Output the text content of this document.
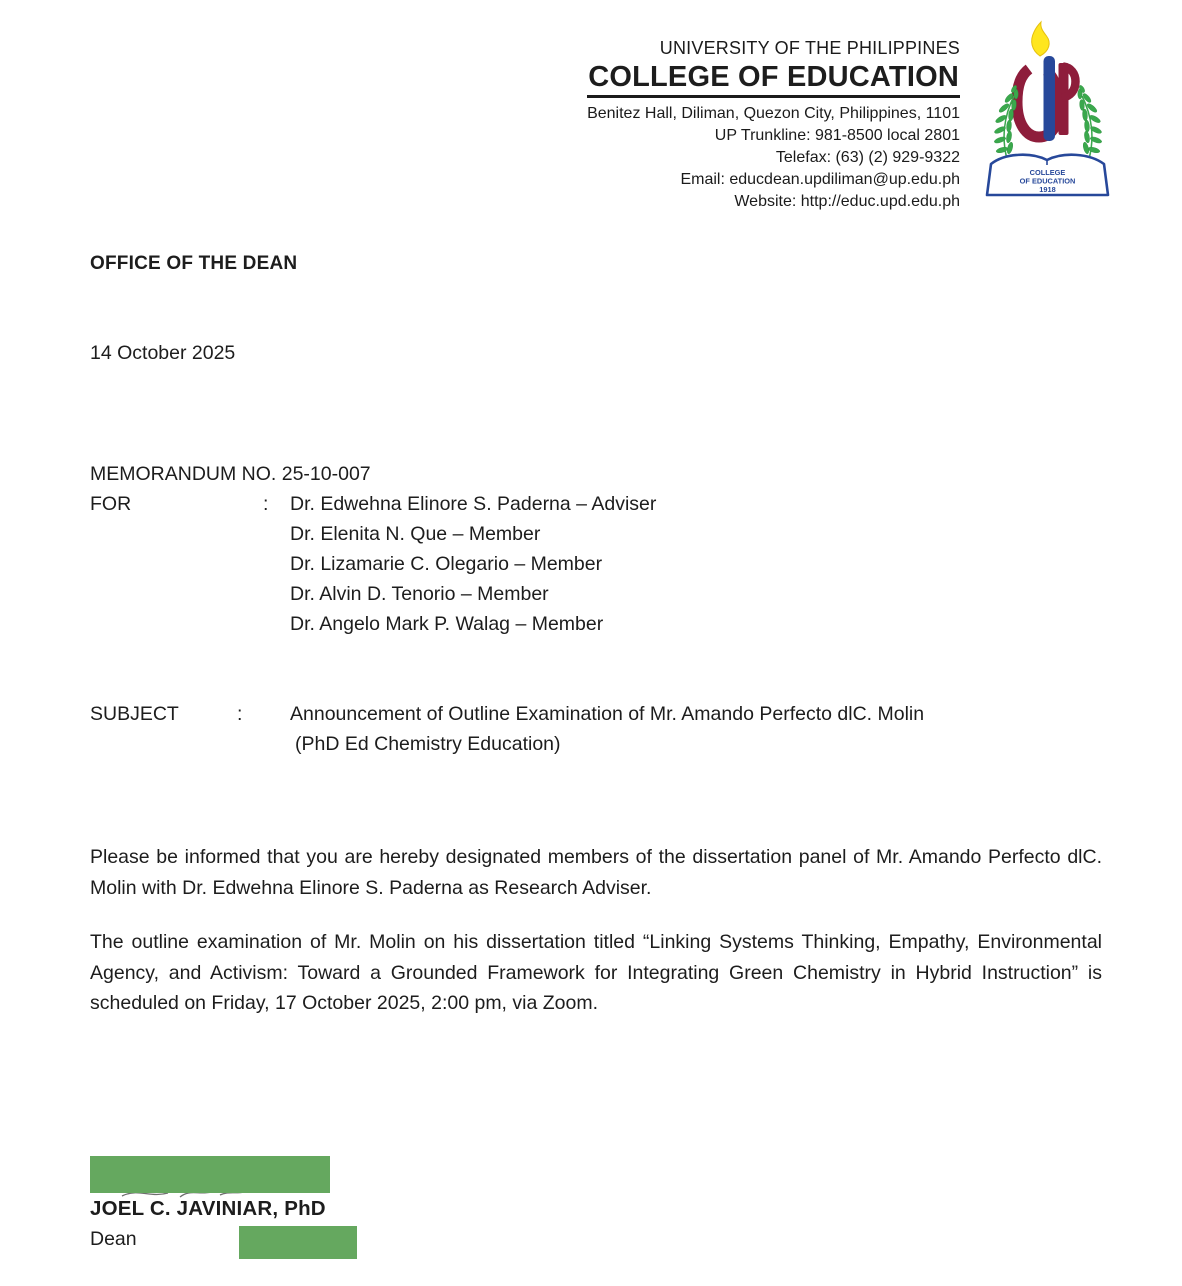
UNIVERSITY OF THE PHILIPPINES
COLLEGE OF EDUCATION
Benitez Hall, Diliman, Quezon City, Philippines, 1101
UP Trunkline: 981-8500 local 2801
Telefax: (63) (2) 929-9322
Email: educdean.updiliman@up.edu.ph
Website: http://educ.upd.edu.ph
COLLEGE
OF EDUCATION
1918
OFFICE OF THE DEAN
14 October 2025
MEMORANDUM NO. 25-10-007
FOR	: Dr. Edwehna Elinore S. Paderna – Adviser
Dr. Elenita N. Que – Member
Dr. Lizamarie C. Olegario – Member
Dr. Alvin D. Tenorio – Member
Dr. Angelo Mark P. Walag – Member
SUBJECT	: Announcement of Outline Examination of Mr. Amando Perfecto dlC. Molin
(PhD Ed Chemistry Education)
Please be informed that you are hereby designated members of the dissertation panel of Mr. Amando Perfecto dlC. Molin with Dr. Edwehna Elinore S. Paderna as Research Adviser.
The outline examination of Mr. Molin on his dissertation titled “Linking Systems Thinking, Empathy, Environmental Agency, and Activism: Toward a Grounded Framework for Integrating Green Chemistry in Hybrid Instruction” is scheduled on Friday, 17 October 2025, 2:00 pm, via Zoom.
JOEL C. JAVINIAR, PhD
Dean
